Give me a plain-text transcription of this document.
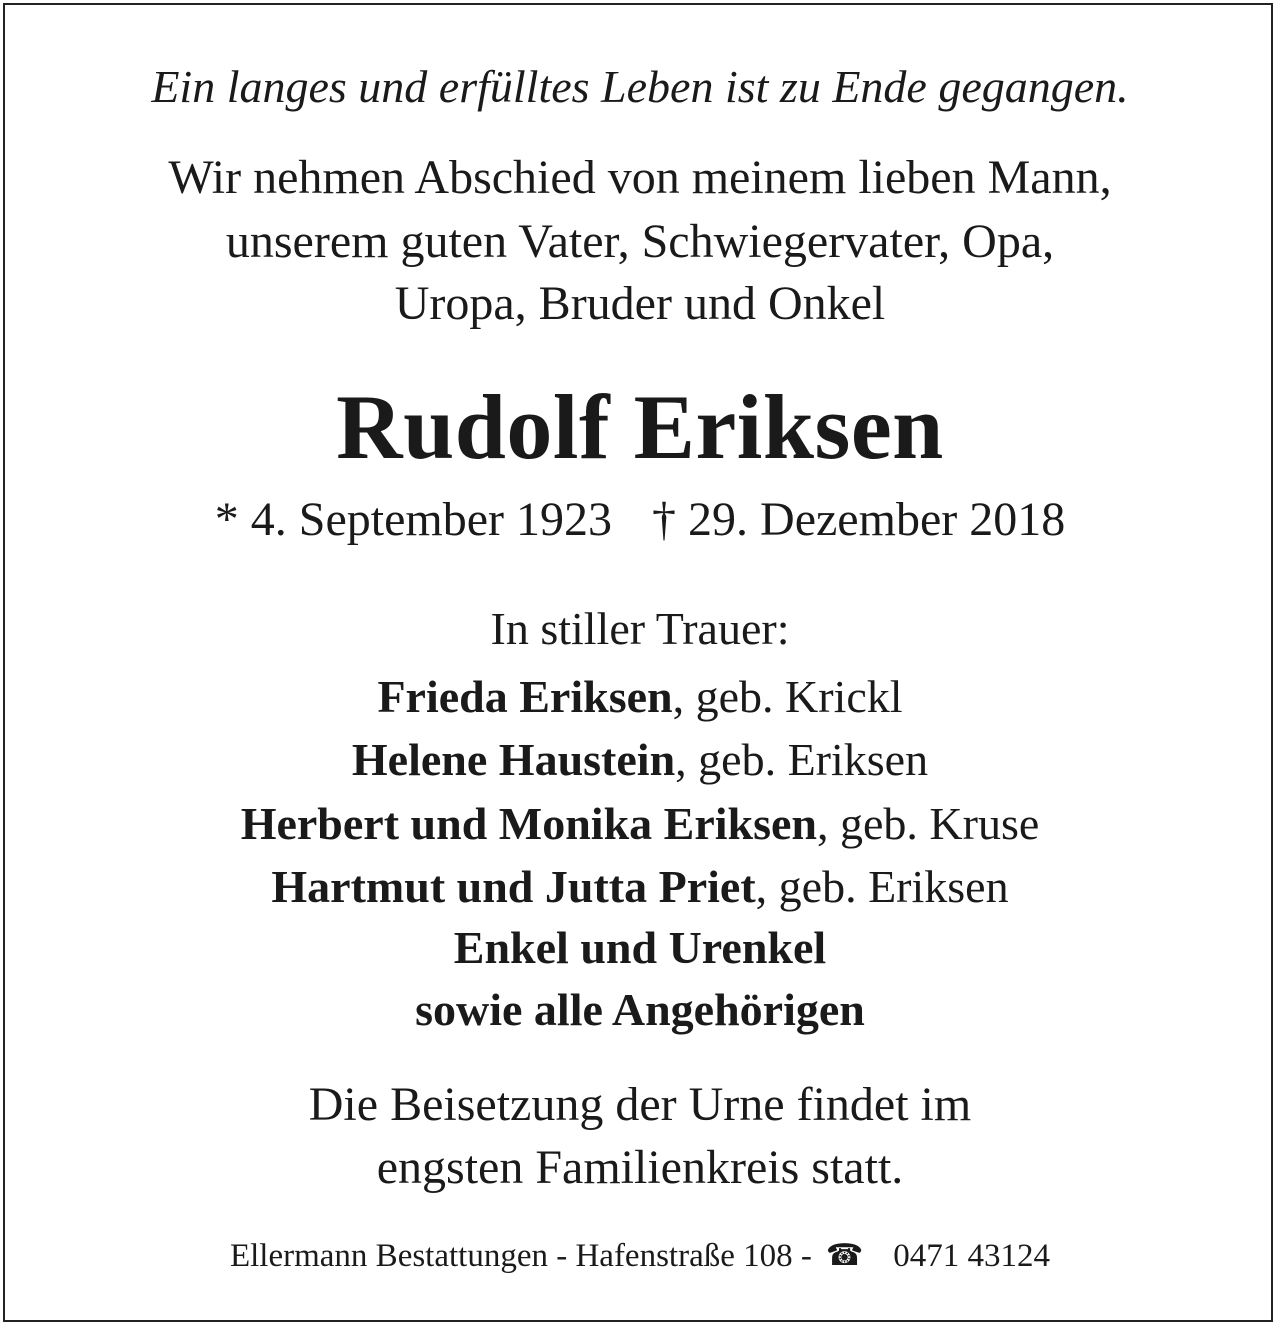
Ein langes und erfülltes Leben ist zu Ende gegangen.
Wir nehmen Abschied von meinem lieben Mann,
unserem guten Vater, Schwiegervater, Opa,
Uropa, Bruder und Onkel
Rudolf Eriksen
* 4. September 1923 † 29. Dezember 2018
In stiller Trauer:
Frieda Eriksen, geb. Krickl
Helene Haustein, geb. Eriksen
Herbert und Monika Eriksen, geb. Kruse
Hartmut und Jutta Priet, geb. Eriksen
Enkel und Urenkel
sowie alle Angehörigen
Die Beisetzung der Urne findet im
engsten Familienkreis statt.
Ellermann Bestattungen - Hafenstraße 108 - ☎ 0471 43124
